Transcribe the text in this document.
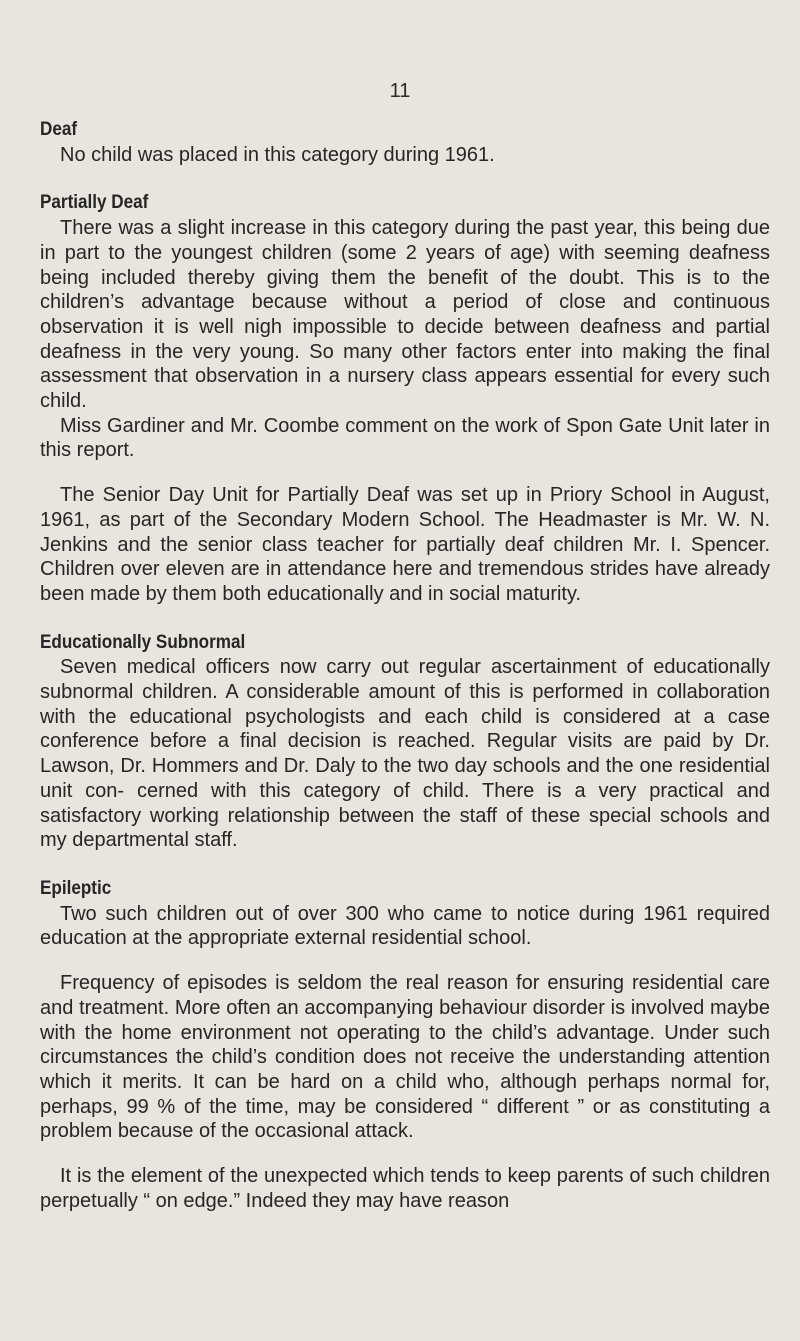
11
Deaf

No child was placed in this category during 1961.

Partially Deaf

There was a slight increase in this category during the past year, this being due in part to the youngest children (some 2 years of age) with seeming deafness being included thereby giving them the benefit of the doubt. This is to the children’s advantage because without a period of close and continuous observation it is well nigh impossible to decide between deafness and partial deafness in the very young. So many other factors enter into making the final assessment that observation in a nursery class appears essential for every such child.

Miss Gardiner and Mr. Coombe comment on the work of Spon Gate Unit later in this report.

The Senior Day Unit for Partially Deaf was set up in Priory School in August, 1961, as part of the Secondary Modern School. The Headmaster is Mr. W. N. Jenkins and the senior class teacher for partially deaf children Mr. I. Spencer. Children over eleven are in attendance here and tremendous strides have already been made by them both educationally and in social maturity.

Educationally Subnormal

Seven medical officers now carry out regular ascertainment of educationally subnormal children. A considerable amount of this is performed in collaboration with the educational psychologists and each child is considered at a case conference before a final decision is reached. Regular visits are paid by Dr. Lawson, Dr. Hommers and Dr. Daly to the two day schools and the one residential unit con- cerned with this category of child. There is a very practical and satisfactory working relationship between the staff of these special schools and my departmental staff.

Epileptic

Two such children out of over 300 who came to notice during 1961 required education at the appropriate external residential school.

Frequency of episodes is seldom the real reason for ensuring residential care and treatment. More often an accompanying behaviour disorder is involved maybe with the home environment not operating to the child’s advantage. Under such circumstances the child’s condition does not receive the understanding attention which it merits. It can be hard on a child who, although perhaps normal for, perhaps, 99 % of the time, may be considered “ different ” or as constituting a problem because of the occasional attack.

It is the element of the unexpected which tends to keep parents of such children perpetually “ on edge.” Indeed they may have reason
